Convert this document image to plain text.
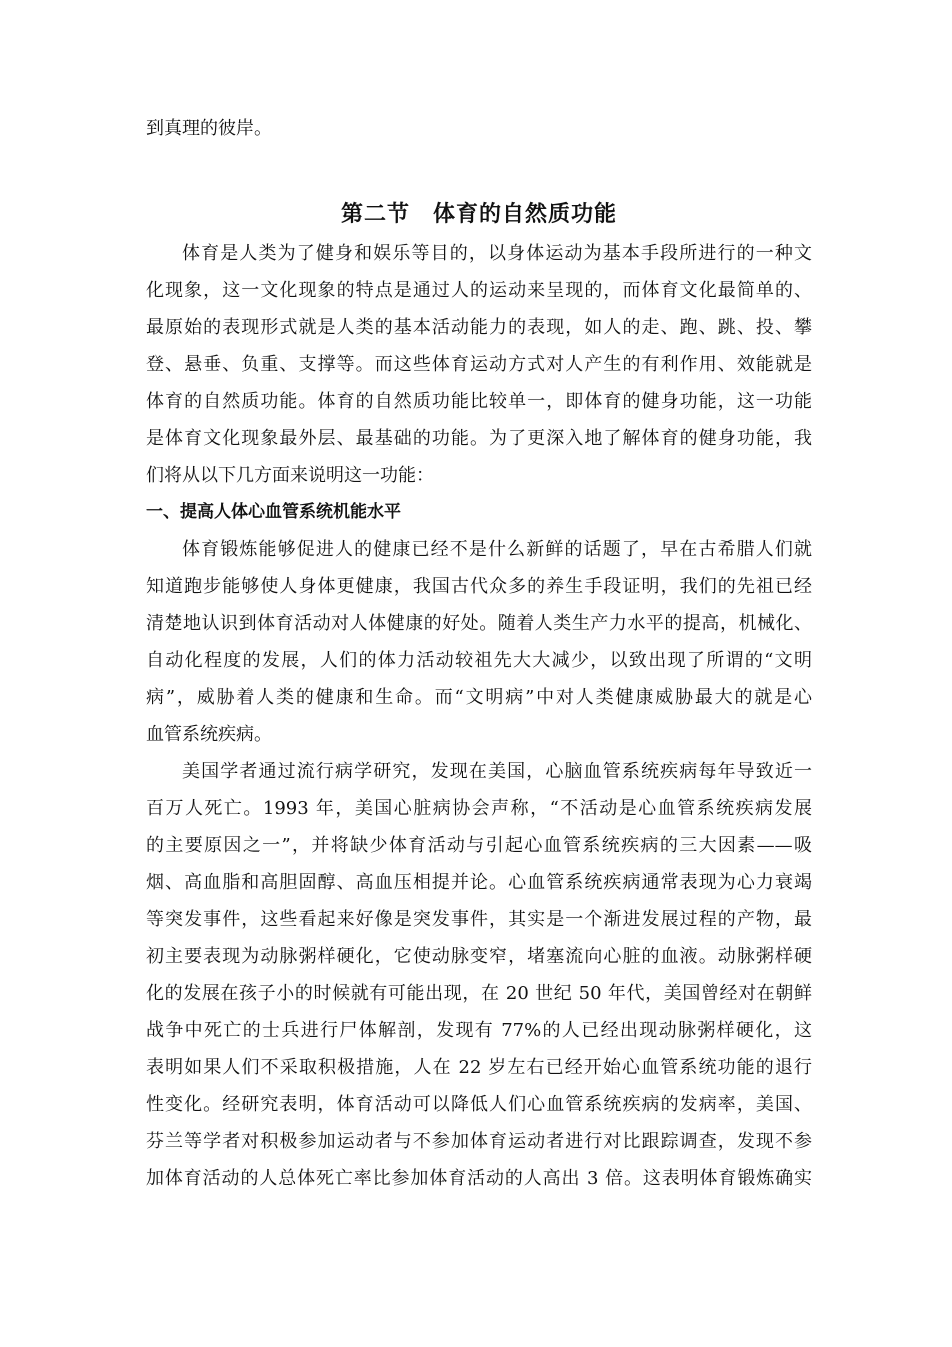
到真理的彼岸。
第二节　体育的自然质功能
体育是人类为了健身和娱乐等目的，以身体运动为基本手段所进行的一种文
化现象，这一文化现象的特点是通过人的运动来呈现的，而体育文化最简单的、
最原始的表现形式就是人类的基本活动能力的表现，如人的走、跑、跳、投、攀
登、悬垂、负重、支撑等。而这些体育运动方式对人产生的有利作用、效能就是
体育的自然质功能。体育的自然质功能比较单一，即体育的健身功能，这一功能
是体育文化现象最外层、最基础的功能。为了更深入地了解体育的健身功能，我
们将从以下几方面来说明这一功能：
一、提高人体心血管系统机能水平
体育锻炼能够促进人的健康已经不是什么新鲜的话题了，早在古希腊人们就
知道跑步能够使人身体更健康，我国古代众多的养生手段证明，我们的先祖已经
清楚地认识到体育活动对人体健康的好处。随着人类生产力水平的提高，机械化、
自动化程度的发展，人们的体力活动较祖先大大减少，以致出现了所谓的“文明
病”，威胁着人类的健康和生命。而“文明病”中对人类健康威胁最大的就是心
血管系统疾病。
美国学者通过流行病学研究，发现在美国，心脑血管系统疾病每年导致近一
百万人死亡。1993 年，美国心脏病协会声称，“不活动是心血管系统疾病发展
的主要原因之一”，并将缺少体育活动与引起心血管系统疾病的三大因素——吸
烟、高血脂和高胆固醇、高血压相提并论。心血管系统疾病通常表现为心力衰竭
等突发事件，这些看起来好像是突发事件，其实是一个渐进发展过程的产物，最
初主要表现为动脉粥样硬化，它使动脉变窄，堵塞流向心脏的血液。动脉粥样硬
化的发展在孩子小的时候就有可能出现，在 20 世纪 50 年代，美国曾经对在朝鲜
战争中死亡的士兵进行尸体解剖，发现有 77%的人已经出现动脉粥样硬化，这
表明如果人们不采取积极措施，人在 22 岁左右已经开始心血管系统功能的退行
性变化。经研究表明，体育活动可以降低人们心血管系统疾病的发病率，美国、
芬兰等学者对积极参加运动者与不参加体育运动者进行对比跟踪调查，发现不参
加体育活动的人总体死亡率比参加体育活动的人高出 3 倍。这表明体育锻炼确实
